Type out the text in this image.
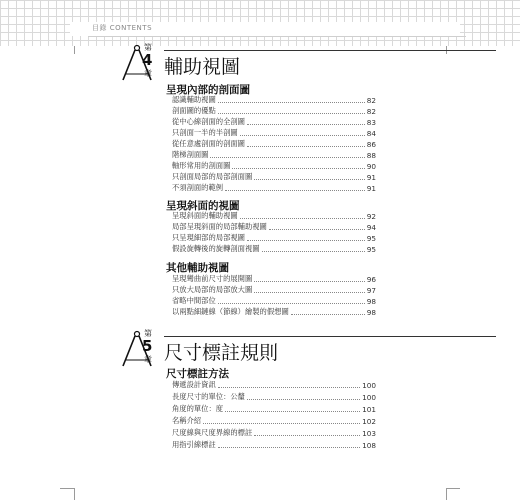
目錄 CONTENTS
第
4
章 輔助視圖
呈現內部的剖面圖
認識輔助視圖	82
剖面圖的優點	82
從中心線剖面的全剖圖	83
只剖面一半的半剖圖	84
從任意處剖面的剖面圖	86
階梯剖面圖	88
軸形常用的剖面圖	90
只剖面局部的局部剖面圖	91
不須剖面的範例	91
呈現斜面的視圖
呈現斜面的輔助視圖	92
局部呈現斜面的局部輔助視圖	94
只呈現細部的局部視圖	95
假設旋轉後的旋轉剖面視圖	95
其他輔助視圖
呈現彎曲前尺寸的展開圖	96
只放大局部的局部放大圖	97
省略中間部位	98
以兩點細鏈線（節線）繪製的假想圖	98
第
5
章 尺寸標註規則
尺寸標註方法
傳遞設計資訊	100
長度尺寸的單位：公釐	100
角度的單位：度	101
名稱介紹	102
尺度線與尺度界線的標註	103
用指引線標註	108
